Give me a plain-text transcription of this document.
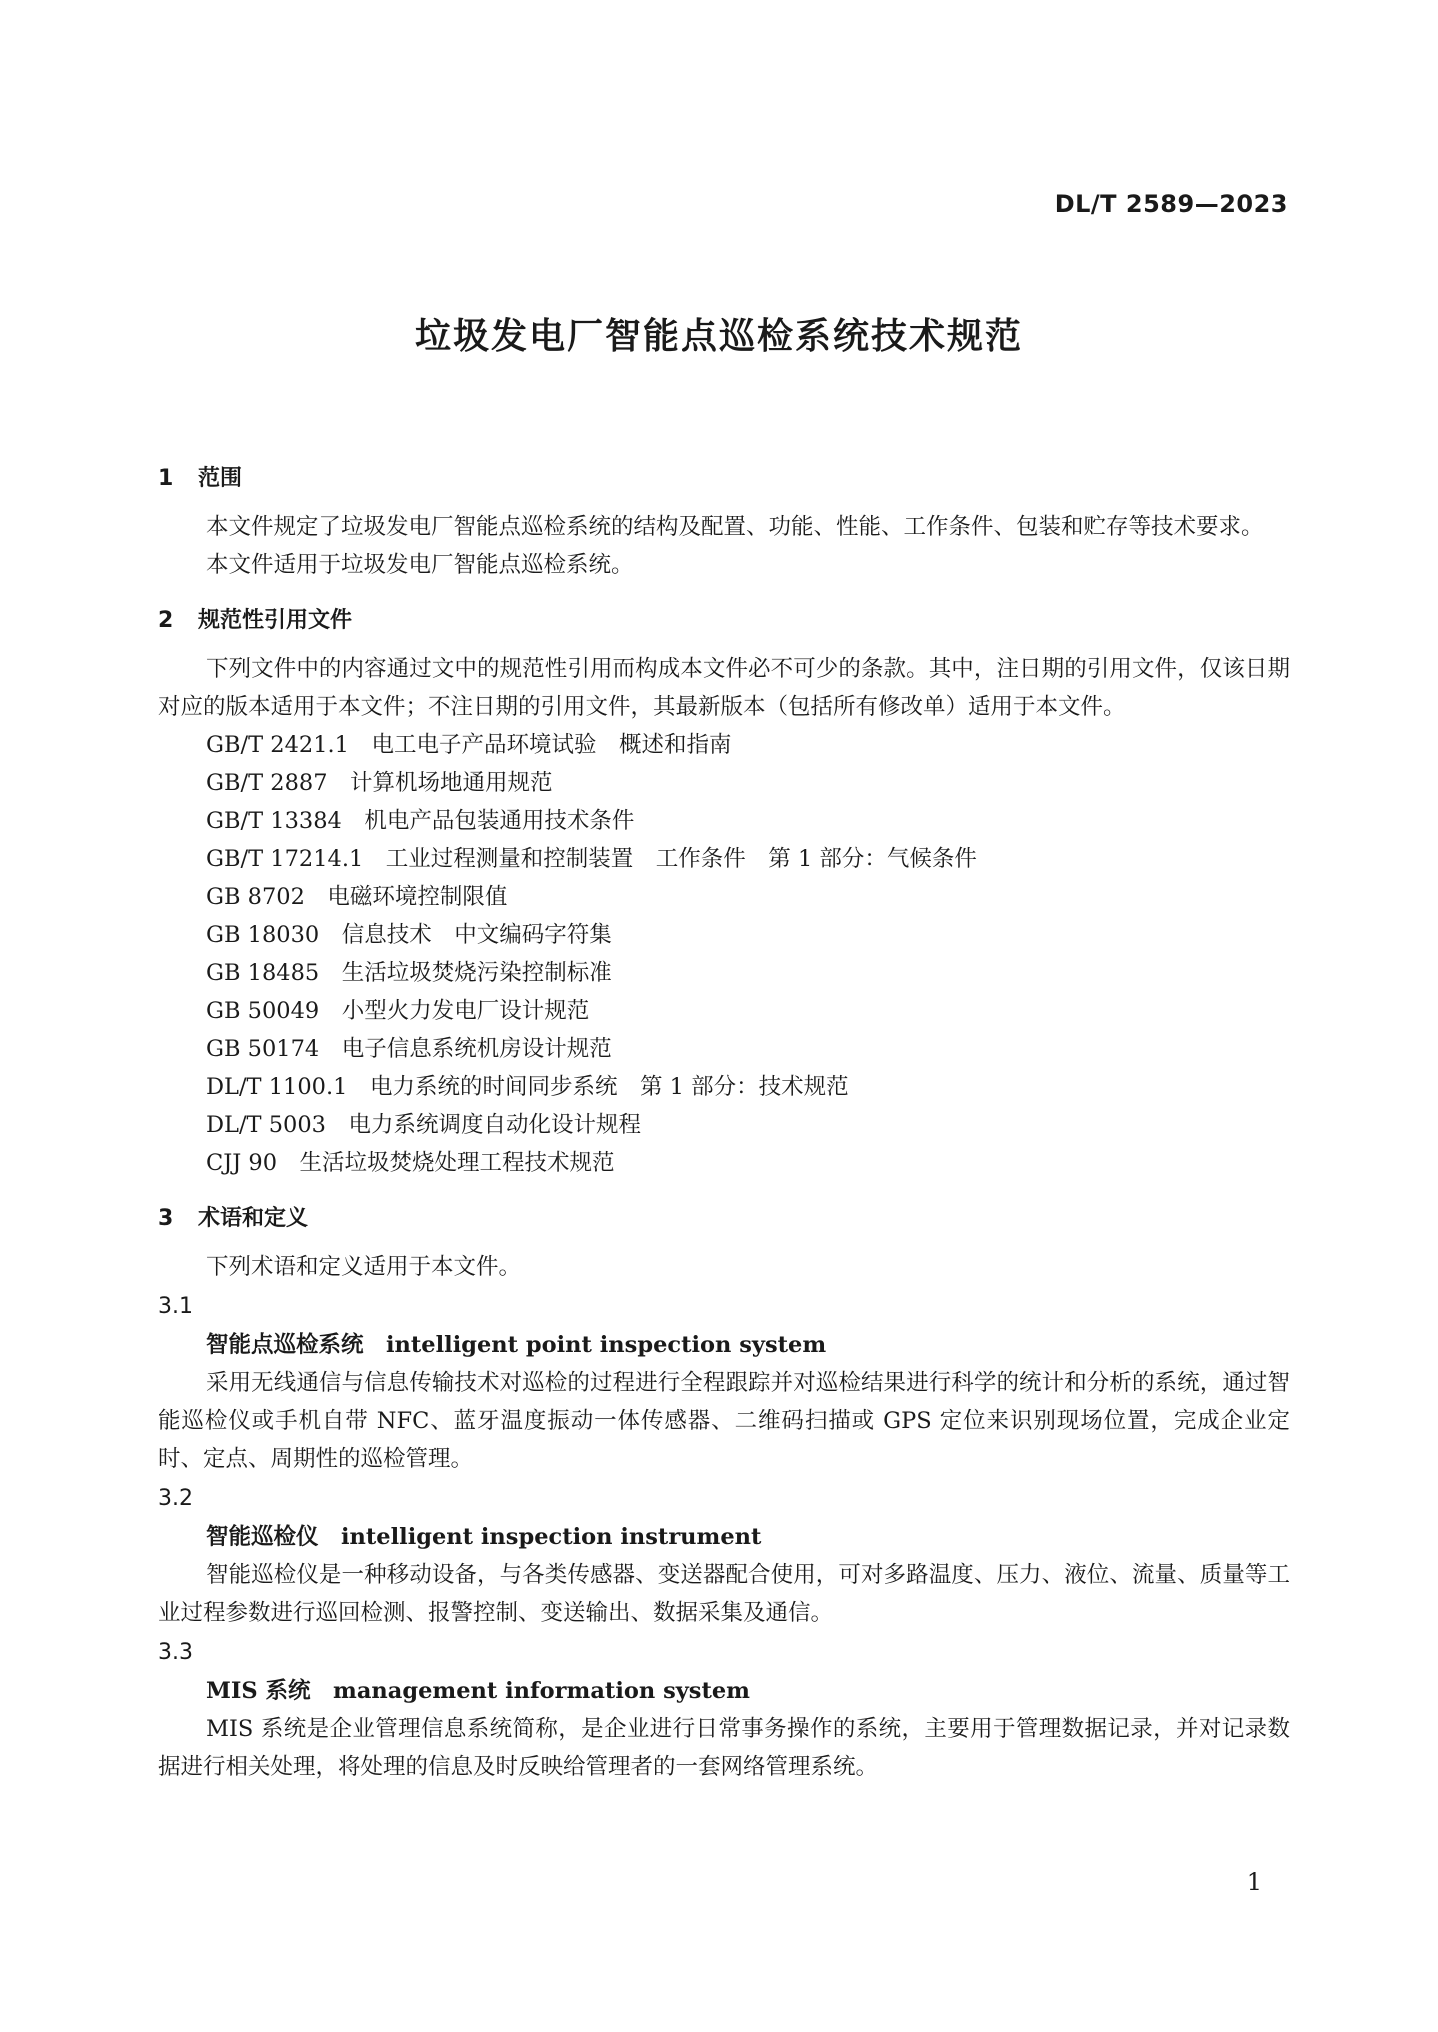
DL/T 2589—2023
垃圾发电厂智能点巡检系统技术规范
1 范围
本文件规定了垃圾发电厂智能点巡检系统的结构及配置、功能、性能、工作条件、包装和贮存等技术要求。
本文件适用于垃圾发电厂智能点巡检系统。
2 规范性引用文件
下列文件中的内容通过文中的规范性引用而构成本文件必不可少的条款。其中，注日期的引用文件，仅该日期对应的版本适用于本文件；不注日期的引用文件，其最新版本（包括所有修改单）适用于本文件。
GB/T 2421.1　电工电子产品环境试验　概述和指南
GB/T 2887　计算机场地通用规范
GB/T 13384　机电产品包装通用技术条件
GB/T 17214.1　工业过程测量和控制装置　工作条件　第 1 部分：气候条件
GB 8702　电磁环境控制限值
GB 18030　信息技术　中文编码字符集
GB 18485　生活垃圾焚烧污染控制标准
GB 50049　小型火力发电厂设计规范
GB 50174　电子信息系统机房设计规范
DL/T 1100.1　电力系统的时间同步系统　第 1 部分：技术规范
DL/T 5003　电力系统调度自动化设计规程
CJJ 90　生活垃圾焚烧处理工程技术规范
3 术语和定义
下列术语和定义适用于本文件。
3.1
智能点巡检系统　intelligent point inspection system
采用无线通信与信息传输技术对巡检的过程进行全程跟踪并对巡检结果进行科学的统计和分析的系统，通过智能巡检仪或手机自带 NFC、蓝牙温度振动一体传感器、二维码扫描或 GPS 定位来识别现场位置，完成企业定时、定点、周期性的巡检管理。
3.2
智能巡检仪　intelligent inspection instrument
智能巡检仪是一种移动设备，与各类传感器、变送器配合使用，可对多路温度、压力、液位、流量、质量等工业过程参数进行巡回检测、报警控制、变送输出、数据采集及通信。
3.3
MIS 系统　management information system
MIS 系统是企业管理信息系统简称，是企业进行日常事务操作的系统，主要用于管理数据记录，并对记录数据进行相关处理，将处理的信息及时反映给管理者的一套网络管理系统。
1
